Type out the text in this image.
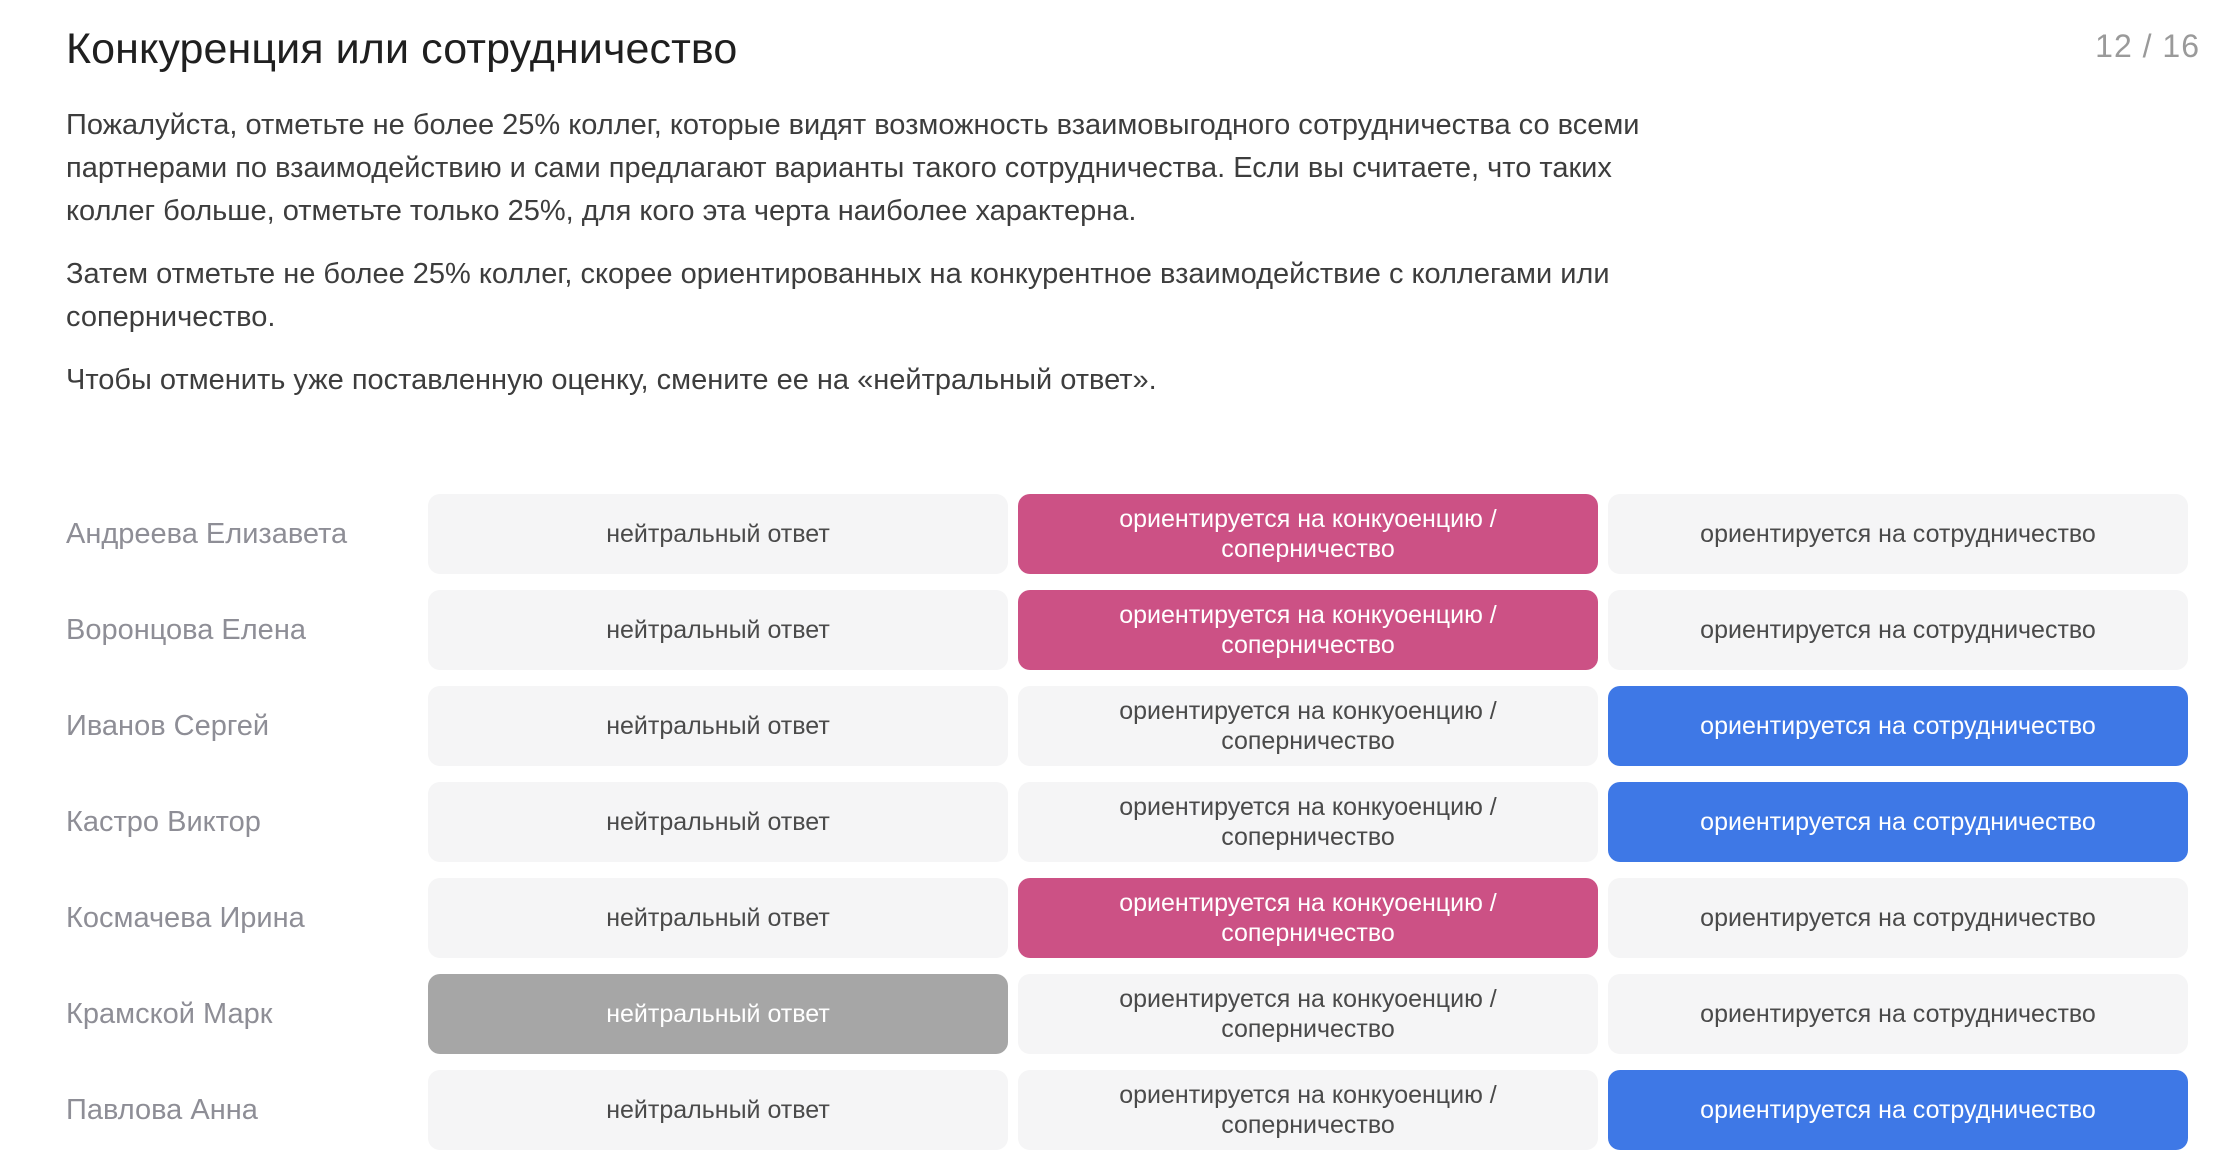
Конкуренция или сотрудничество	12 / 16

Пожалуйста, отметьте не более 25% коллег, которые видят возможность взаимовыгодного сотрудничества со всеми партнерами по взаимодействию и сами предлагают варианты такого сотрудничества. Если вы считаете, что таких коллег больше, отметьте только 25%, для кого эта черта наиболее характерна.

Затем отметьте не более 25% коллег, скорее ориентированных на конкурентное взаимодействие с коллегами или соперничество.

Чтобы отменить уже поставленную оценку, смените ее на «нейтральный ответ».

Андреева Елизавета	нейтральный ответ
ориентируется на конкуоенцию / соперничество
ориентируется на сотрудничество
Воронцова Елена	нейтральный ответ
ориентируется на конкуоенцию / соперничество
ориентируется на сотрудничество
Иванов Сергей	нейтральный ответ
ориентируется на конкуоенцию / соперничество
ориентируется на сотрудничество
Кастро Виктор	нейтральный ответ
ориентируется на конкуоенцию / соперничество
ориентируется на сотрудничество
Космачева Ирина	нейтральный ответ
ориентируется на конкуоенцию / соперничество
ориентируется на сотрудничество
Крамской Марк	нейтральный ответ
ориентируется на конкуоенцию / соперничество
ориентируется на сотрудничество
Павлова Анна	нейтральный ответ
ориентируется на конкуоенцию / соперничество
ориентируется на сотрудничество
